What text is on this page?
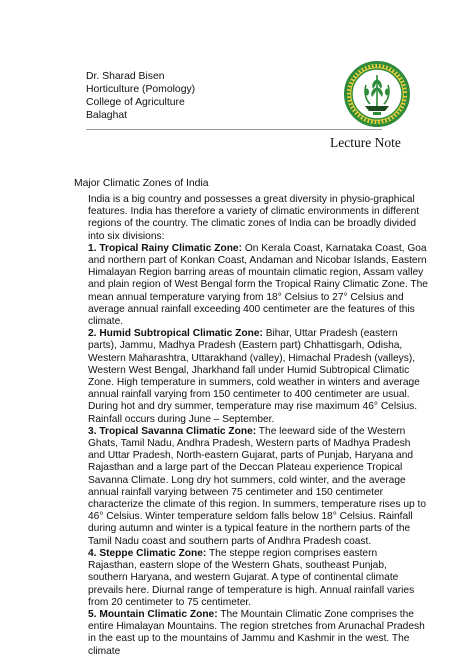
Dr. Sharad Bisen
Horticulture (Pomology)
College of Agriculture
Balaghat
Lecture Note
Major Climatic Zones of India

India is a big country and possesses a great diversity in physio-graphical features. India has therefore a variety of climatic environments in different regions of the country. The climatic zones of India can be broadly divided into six divisions:

1. Tropical Rainy Climatic Zone: On Kerala Coast, Karnataka Coast, Goa and northern part of Konkan Coast, Andaman and Nicobar Islands, Eastern Himalayan Region barring areas of mountain climatic region, Assam valley and plain region of West Bengal form the Tropical Rainy Climatic Zone. The mean annual temperature varying from 18° Celsius to 27° Celsius and average annual rainfall exceeding 400 centimeter are the features of this climate.

2. Humid Subtropical Climatic Zone: Bihar, Uttar Pradesh (eastern parts), Jammu, Madhya Pradesh (Eastern part) Chhattisgarh, Odisha, Western Maharashtra, Uttarakhand (valley), Himachal Pradesh (valleys), Western West Bengal, Jharkhand fall under Humid Subtropical Climatic Zone. High temperature in summers, cold weather in winters and average annual rainfall varying from 150 centimeter to 400 centimeter are usual. During hot and dry summer, temperature may rise maximum 46° Celsius. Rainfall occurs during June – September.

3. Tropical Savanna Climatic Zone: The leeward side of the Western Ghats, Tamil Nadu, Andhra Pradesh, Western parts of Madhya Pradesh and Uttar Pradesh, North-eastern Gujarat, parts of Punjab, Haryana and Rajasthan and a large part of the Deccan Plateau experience Tropical Savanna Climate. Long dry hot summers, cold winter, and the average annual rainfall varying between 75 centimeter and 150 centimeter characterize the climate of this region. In summers, temperature rises up to 46° Celsius. Winter temperature seldom falls below 18° Celsius. Rainfall during autumn and winter is a typical feature in the northern parts of the Tamil Nadu coast and southern parts of Andhra Pradesh coast.

4. Steppe Climatic Zone: The steppe region comprises eastern Rajasthan, eastern slope of the Western Ghats, southeast Punjab, southern Haryana, and western Gujarat. A type of continental climate prevails here. Diurnal range of temperature is high. Annual rainfall varies from 20 centimeter to 75 centimeter.

5. Mountain Climatic Zone: The Mountain Climatic Zone comprises the entire Himalayan Mountains. The region stretches from Arunachal Pradesh in the east up to the mountains of Jammu and Kashmir in the west. The climate
